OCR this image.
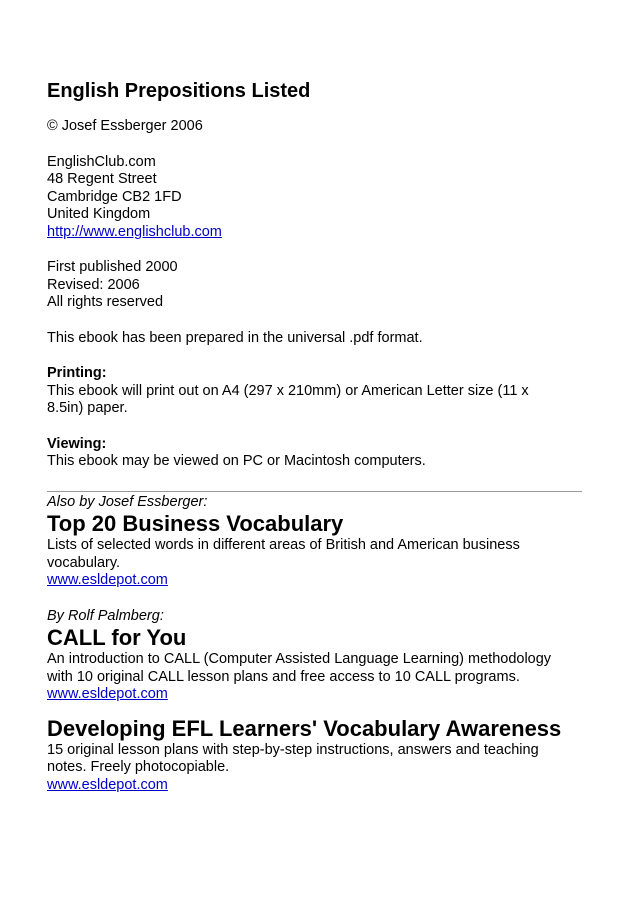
English Prepositions Listed

© Josef Essberger 2006

EnglishClub.com

48 Regent Street

Cambridge CB2 1FD

United Kingdom

http://www.englishclub.com

First published 2000

Revised: 2006

All rights reserved

This ebook has been prepared in the universal .pdf format.

Printing:

This ebook will print out on A4 (297 x 210mm) or American Letter size (11 x

8.5in) paper.

Viewing:

This ebook may be viewed on PC or Macintosh computers.

Also by Josef Essberger:

Top 20 Business Vocabulary

Lists of selected words in different areas of British and American business

vocabulary.

www.esldepot.com

By Rolf Palmberg:

CALL for You

An introduction to CALL (Computer Assisted Language Learning) methodology

with 10 original CALL lesson plans and free access to 10 CALL programs.

www.esldepot.com

Developing EFL Learners' Vocabulary Awareness

15 original lesson plans with step-by-step instructions, answers and teaching

notes. Freely photocopiable.

www.esldepot.com
